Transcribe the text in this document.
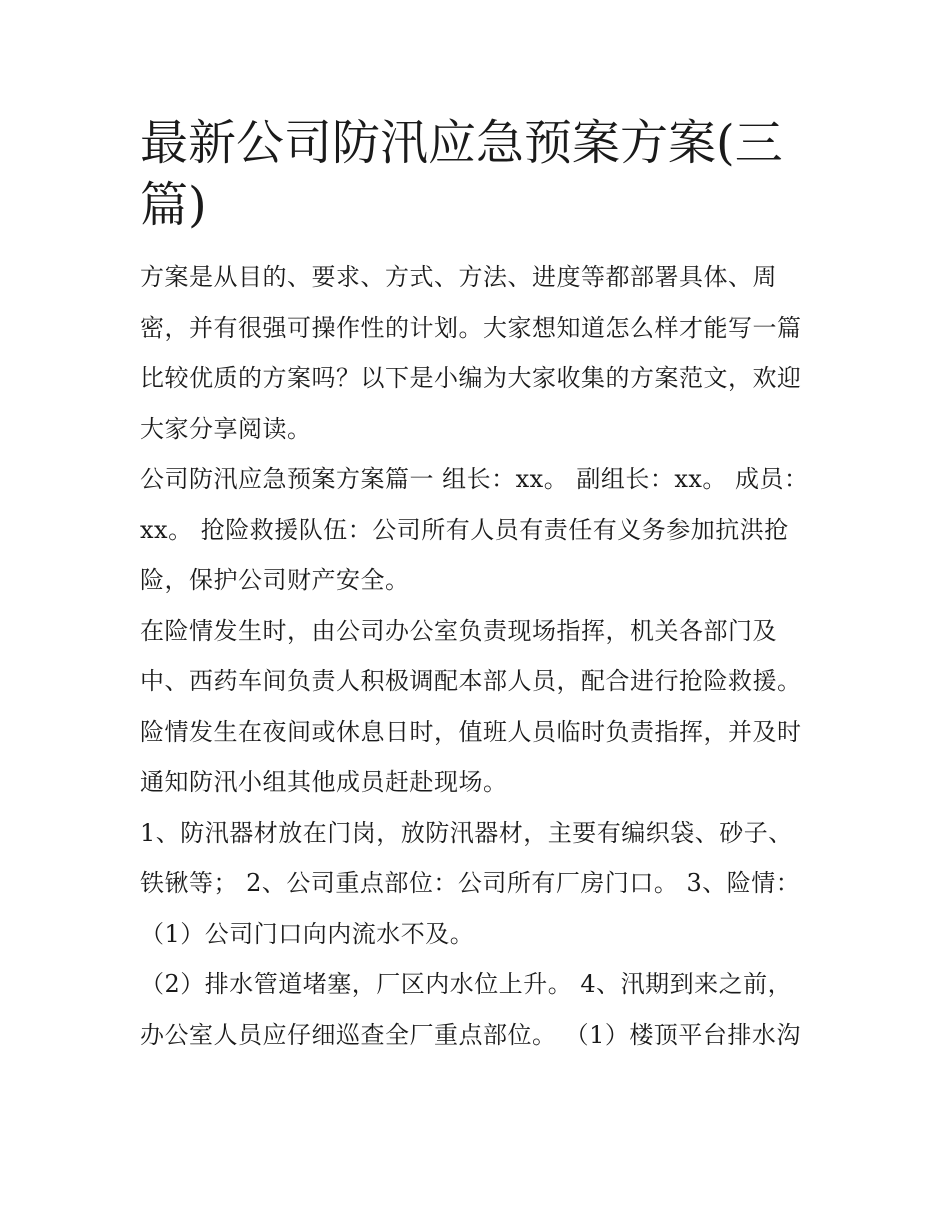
最新公司防汛应急预案方案(三篇)

方案是从目的、要求、方式、方法、进度等都部署具体、周密，并有很强可操作性的计划。大家想知道怎么样才能写一篇比较优质的方案吗？以下是小编为大家收集的方案范文，欢迎大家分享阅读。

公司防汛应急预案方案篇一 组长：xx。 副组长：xx。 成员：xx。 抢险救援队伍：公司所有人员有责任有义务参加抗洪抢险，保护公司财产安全。

在险情发生时，由公司办公室负责现场指挥，机关各部门及中、西药车间负责人积极调配本部人员，配合进行抢险救援。险情发生在夜间或休息日时，值班人员临时负责指挥，并及时通知防汛小组其他成员赶赴现场。

1、防汛器材放在门岗，放防汛器材，主要有编织袋、砂子、铁锹等； 2、公司重点部位：公司所有厂房门口。 3、险情：（1）公司门口向内流水不及。

（2）排水管道堵塞，厂区内水位上升。 4、汛期到来之前，办公室人员应仔细巡查全厂重点部位。 （1）楼顶平台排水沟
